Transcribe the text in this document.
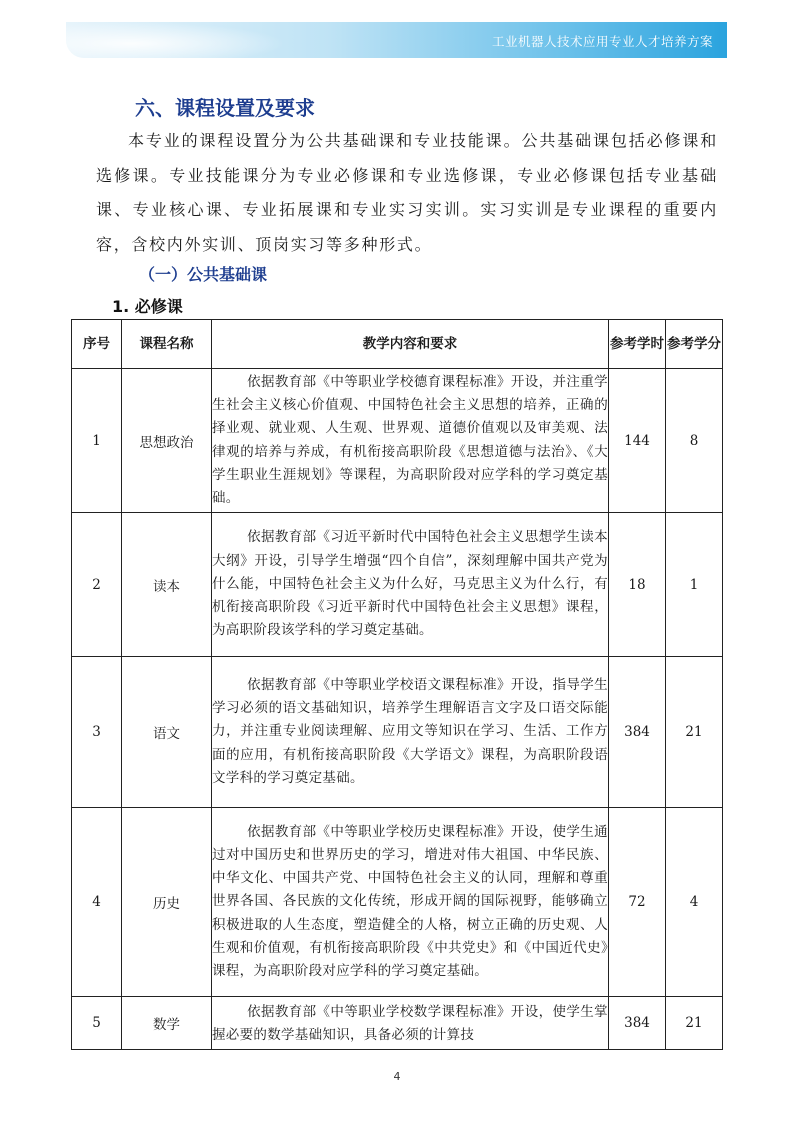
工业机器人技术应用专业人才培养方案
六、课程设置及要求

本专业的课程设置分为公共基础课和专业技能课。公共基础课包括必修课和选修课。专业技能课分为专业必修课和专业选修课，专业必修课包括专业基础课、专业核心课、专业拓展课和专业实习实训。实习实训是专业课程的重要内容，含校内外实训、顶岗实习等多种形式。

（一）公共基础课
1. 必修课
序号	课程名称	教学内容和要求	参考学时	参考学分
1	思想政治	依据教育部《中等职业学校德育课程标准》开设，并注重学生社会主义核心价值观、中国特色社会主义思想的培养，正确的择业观、就业观、人生观、世界观、道德价值观以及审美观、法律观的培养与养成，有机衔接高职阶段《思想道德与法治》、《大学生职业生涯规划》等课程，为高职阶段对应学科的学习奠定基础。	144	8
2	读本	依据教育部《习近平新时代中国特色社会主义思想学生读本大纲》开设，引导学生增强“四个自信”，深刻理解中国共产党为什么能，中国特色社会主义为什么好，马克思主义为什么行，有机衔接高职阶段《习近平新时代中国特色社会主义思想》课程，为高职阶段该学科的学习奠定基础。	18	1
3	语文	依据教育部《中等职业学校语文课程标准》开设，指导学生学习必须的语文基础知识，培养学生理解语言文字及口语交际能力，并注重专业阅读理解、应用文等知识在学习、生活、工作方面的应用，有机衔接高职阶段《大学语文》课程，为高职阶段语文学科的学习奠定基础。	384	21
4	历史	依据教育部《中等职业学校历史课程标准》开设，使学生通过对中国历史和世界历史的学习，增进对伟大祖国、中华民族、中华文化、中国共产党、中国特色社会主义的认同，理解和尊重世界各国、各民族的文化传统，形成开阔的国际视野，能够确立积极进取的人生态度，塑造健全的人格，树立正确的历史观、人生观和价值观，有机衔接高职阶段《中共党史》和《中国近代史》课程，为高职阶段对应学科的学习奠定基础。	72	4
5	数学	依据教育部《中等职业学校数学课程标准》开设，使学生掌握必要的数学基础知识，具备必须的计算技	384	21
4
